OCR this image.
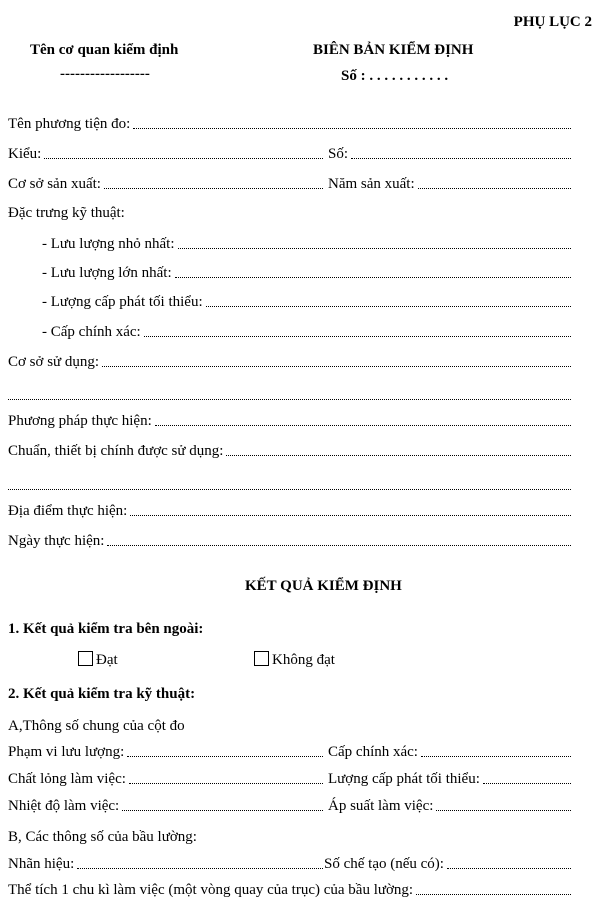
PHỤ LỤC 2
Tên cơ quan kiểm định
------------------
BIÊN BẢN KIỂM ĐỊNH
Số : . . . . . . . . . . .
Tên phương tiện đo:
Kiểu:	Số:
Cơ sở sản xuất:	Năm sản xuất:
Đặc trưng kỹ thuật:
- Lưu lượng nhỏ nhất:
- Lưu lượng lớn nhất:
- Lượng cấp phát tối thiểu:
- Cấp chính xác:
Cơ sở sử dụng:
Phương pháp thực hiện:
Chuẩn, thiết bị chính được sử dụng:
Địa điểm thực hiện:
Ngày thực hiện:
KẾT QUẢ KIỂM ĐỊNH
1. Kết quả kiểm tra bên ngoài:
Đạt	Không đạt
2. Kết quả kiểm tra kỹ thuật:
A,Thông số chung của cột đo
Phạm vi lưu lượng:	Cấp chính xác:
Chất lỏng làm việc:	Lượng cấp phát tối thiểu:
Nhiệt độ làm việc:	Áp suất làm việc:
B, Các thông số của bầu lường:
Nhãn hiệu:	Số chế tạo (nếu có):
Thể tích 1 chu kì làm việc (một vòng quay của trục) của bầu lường:
